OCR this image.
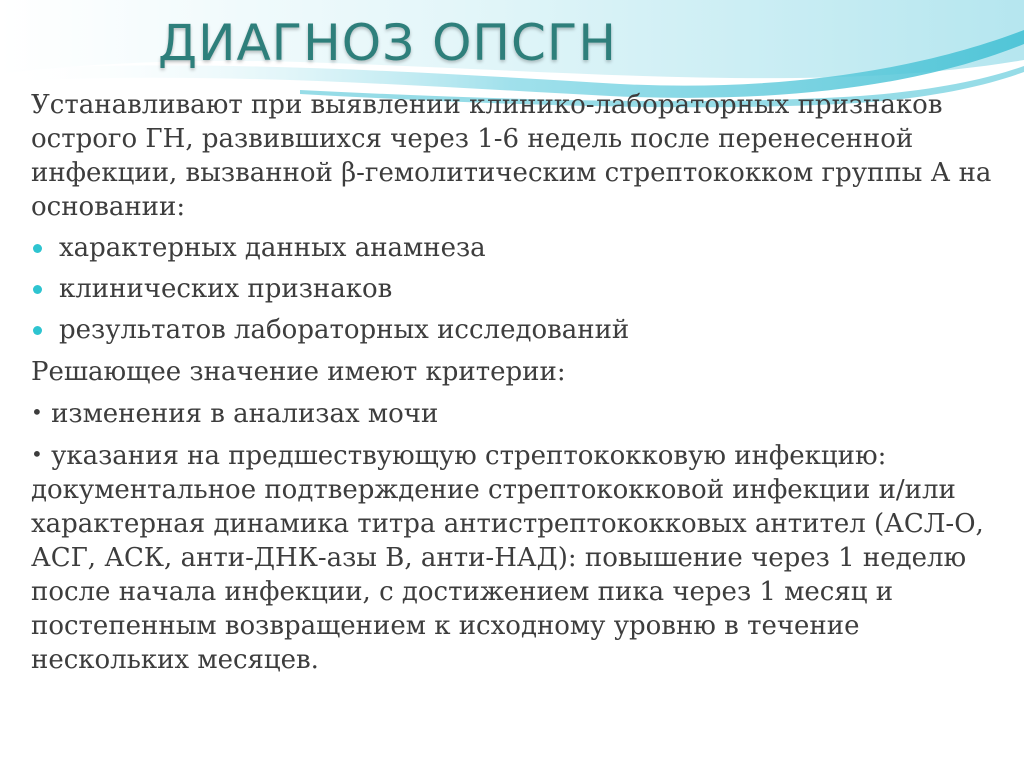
ДИАГНОЗ ОПСГН

Устанавливают при выявлении клинико-лабораторных признаков острого ГН, развившихся через 1-6 недель после перенесенной инфекции, вызванной β-гемолитическим стрептококком группы А на основании:

характерных данных анамнеза
клинических признаков
результатов лабораторных исследований

Решающее значение имеют критерии:

• изменения в анализах мочи

• указания на предшествующую стрептококковую инфекцию: документальное подтверждение стрептококковой инфекции и/или характерная динамика титра антистрептококковых антител (АСЛ-О, АСГ, АСК, анти-ДНК-азы В, анти-НАД): повышение через 1 неделю после начала инфекции, с достижением пика через 1 месяц и постепенным возвращением к исходному уровню в течение нескольких месяцев.
